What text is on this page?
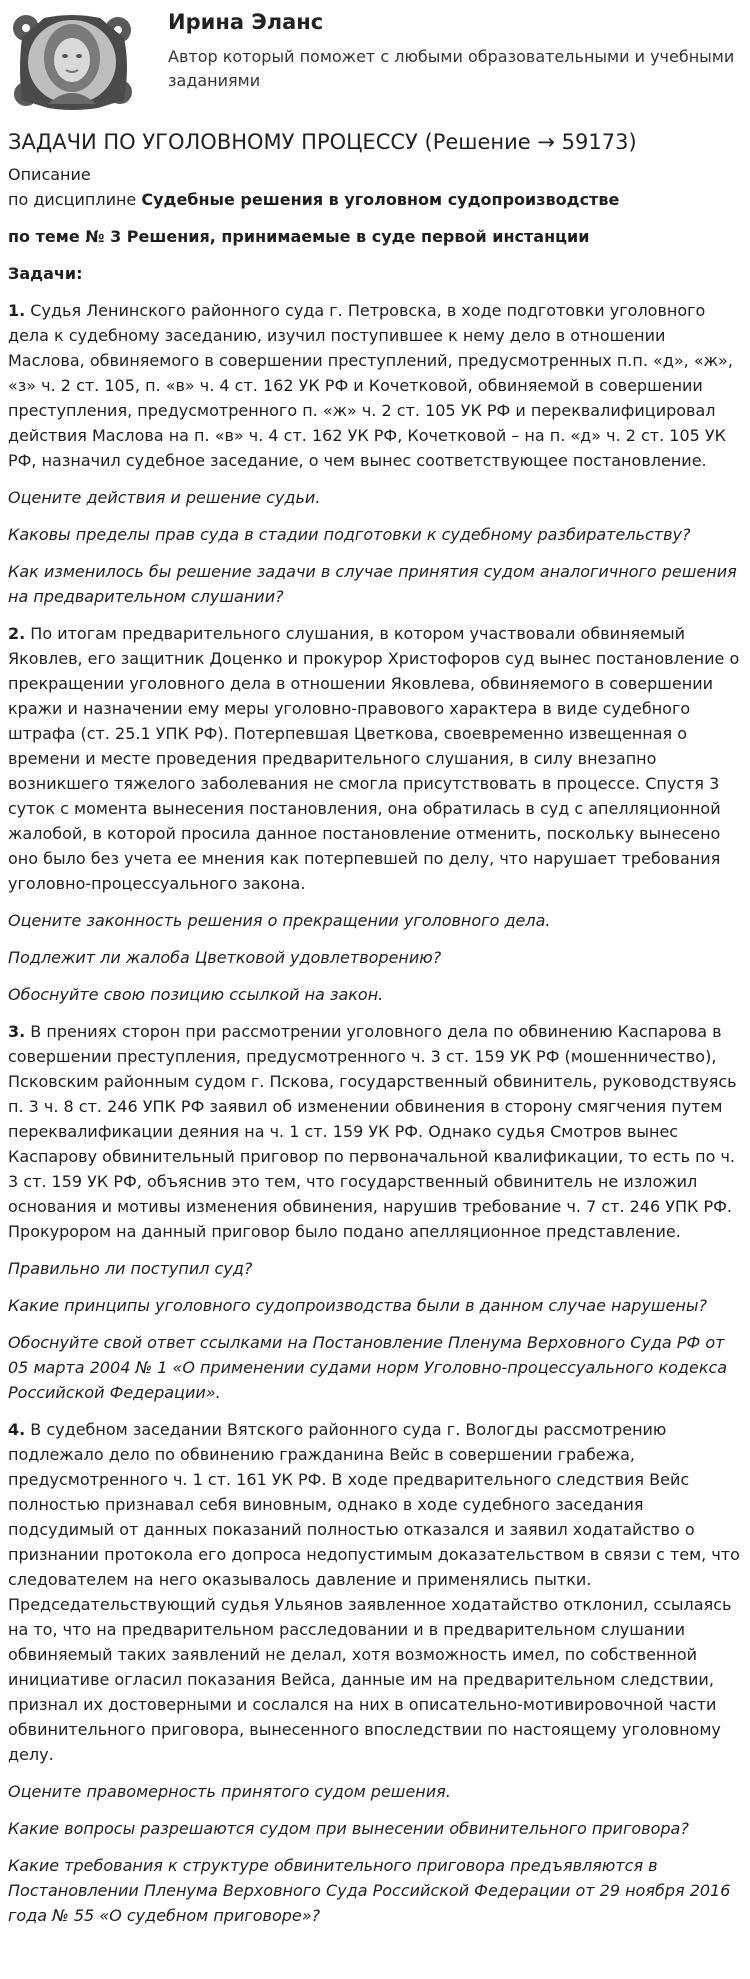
Ирина Эланс
Автор который поможет с любыми образовательными и учебными заданиями
ЗАДАЧИ ПО УГОЛОВНОМУ ПРОЦЕССУ (Решение → 59173)

Описание

по дисциплине Судебные решения в уголовном судопроизводстве

по теме № 3 Решения, принимаемые в суде первой инстанции

Задачи:

1. Судья Ленинского районного суда г. Петровска, в ходе подготовки уголовного дела к судебному заседанию, изучил поступившее к нему дело в отношении Маслова, обвиняемого в совершении преступлений, предусмотренных п.п. «д», «ж», «з» ч. 2 ст. 105, п. «в» ч. 4 ст. 162 УК РФ и Кочетковой, обвиняемой в совершении преступления, предусмотренного п. «ж» ч. 2 ст. 105 УК РФ и переквалифицировал действия Маслова на п. «в» ч. 4 ст. 162 УК РФ, Кочетковой – на п. «д» ч. 2 ст. 105 УК РФ, назначил судебное заседание, о чем вынес соответствующее постановление.

Оцените действия и решение судьи.

Каковы пределы прав суда в стадии подготовки к судебному разбирательству?

Как изменилось бы решение задачи в случае принятия судом аналогичного решения на предварительном слушании?

2. По итогам предварительного слушания, в котором участвовали обвиняемый Яковлев, его защитник Доценко и прокурор Христофоров суд вынес постановление о прекращении уголовного дела в отношении Яковлева, обвиняемого в совершении кражи и назначении ему меры уголовно-правового характера в виде судебного штрафа (ст. 25.1 УПК РФ). Потерпевшая Цветкова, своевременно извещенная о времени и месте проведения предварительного слушания, в силу внезапно возникшего тяжелого заболевания не смогла присутствовать в процессе. Спустя 3 суток с момента вынесения постановления, она обратилась в суд с апелляционной жалобой, в которой просила данное постановление отменить, поскольку вынесено оно было без учета ее мнения как потерпевшей по делу, что нарушает требования уголовно-процессуального закона.

Оцените законность решения о прекращении уголовного дела.

Подлежит ли жалоба Цветковой удовлетворению?

Обоснуйте свою позицию ссылкой на закон.

3. В прениях сторон при рассмотрении уголовного дела по обвинению Каспарова в совершении преступления, предусмотренного ч. 3 ст. 159 УК РФ (мошенничество), Псковским районным судом г. Пскова, государственный обвинитель, руководствуясь п. 3 ч. 8 ст. 246 УПК РФ заявил об изменении обвинения в сторону смягчения путем переквалификации деяния на ч. 1 ст. 159 УК РФ. Однако судья Смотров вынес Каспарову обвинительный приговор по первоначальной квалификации, то есть по ч. 3 ст. 159 УК РФ, объяснив это тем, что государственный обвинитель не изложил основания и мотивы изменения обвинения, нарушив требование ч. 7 ст. 246 УПК РФ. Прокурором на данный приговор было подано апелляционное представление.

Правильно ли поступил суд?

Какие принципы уголовного судопроизводства были в данном случае нарушены?

Обоснуйте свой ответ ссылками на Постановление Пленума Верховного Суда РФ от 05 марта 2004 № 1 «О применении судами норм Уголовно-процессуального кодекса Российской Федерации».

4. В судебном заседании Вятского районного суда г. Вологды рассмотрению подлежало дело по обвинению гражданина Вейс в совершении грабежа, предусмотренного ч. 1 ст. 161 УК РФ. В ходе предварительного следствия Вейс полностью признавал себя виновным, однако в ходе судебного заседания подсудимый от данных показаний полностью отказался и заявил ходатайство о признании протокола его допроса недопустимым доказательством в связи с тем, что следователем на него оказывалось давление и применялись пытки. Председательствующий судья Ульянов заявленное ходатайство отклонил, ссылаясь на то, что на предварительном расследовании и в предварительном слушании обвиняемый таких заявлений не делал, хотя возможность имел, по собственной инициативе огласил показания Вейса, данные им на предварительном следствии, признал их достоверными и сослался на них в описательно-мотивировочной части обвинительного приговора, вынесенного впоследствии по настоящему уголовному делу.

Оцените правомерность принятого судом решения.

Какие вопросы разрешаются судом при вынесении обвинительного приговора?

Какие требования к структуре обвинительного приговора предъявляются в Постановлении Пленума Верховного Суда Российской Федерации от 29 ноября 2016 года № 55 «О судебном приговоре»?
